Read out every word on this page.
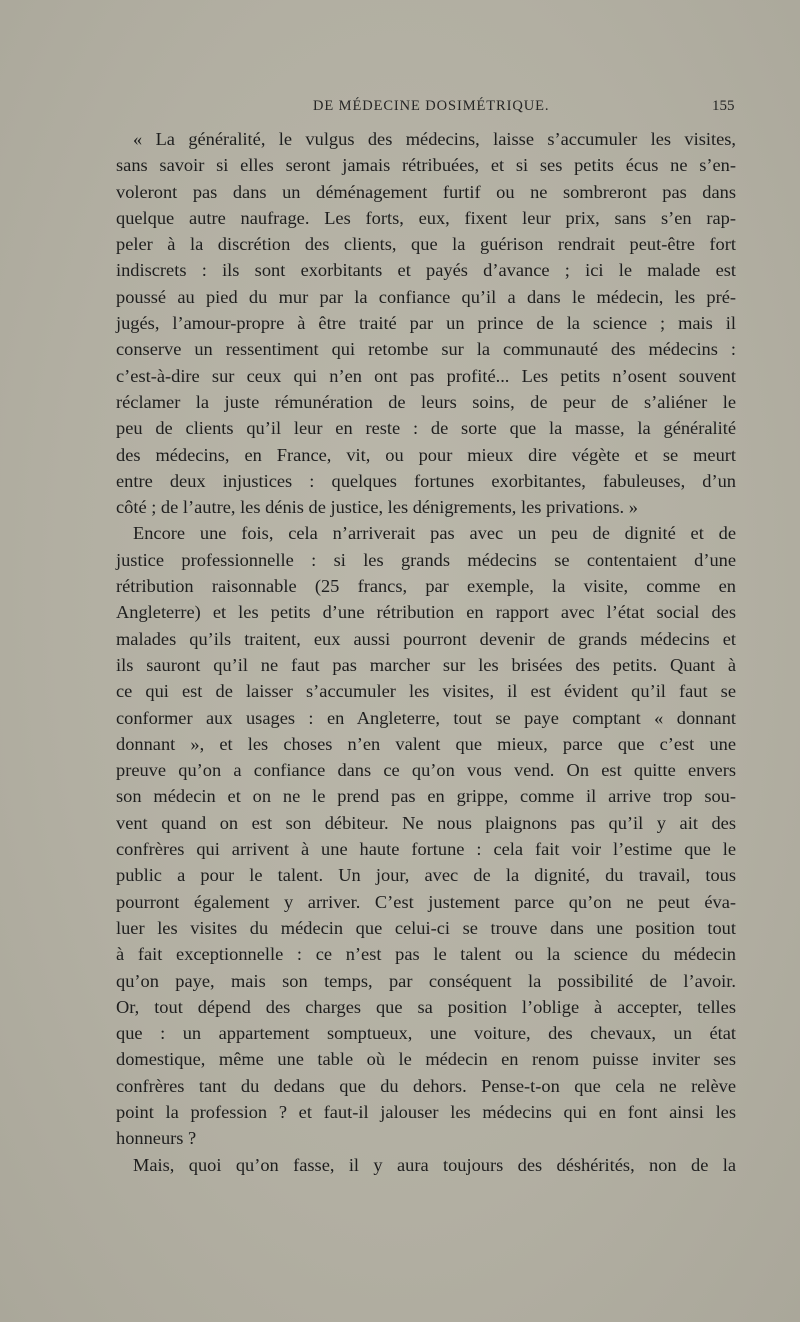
DE MÉDECINE DOSIMÉTRIQUE.	155
« La généralité, le vulgus des médecins, laisse s’accumuler les visites,
sans savoir si elles seront jamais rétribuées, et si ses petits écus ne s’en-
voleront pas dans un déménagement furtif ou ne sombreront pas dans
quelque autre naufrage. Les forts, eux, fixent leur prix, sans s’en rap-
peler à la discrétion des clients, que la guérison rendrait peut-être fort
indiscrets : ils sont exorbitants et payés d’avance ; ici le malade est
poussé au pied du mur par la confiance qu’il a dans le médecin, les pré-
jugés, l’amour-propre à être traité par un prince de la science ; mais il
conserve un ressentiment qui retombe sur la communauté des médecins :
c’est-à-dire sur ceux qui n’en ont pas profité... Les petits n’osent souvent
réclamer la juste rémunération de leurs soins, de peur de s’aliéner le
peu de clients qu’il leur en reste : de sorte que la masse, la généralité
des médecins, en France, vit, ou pour mieux dire végète et se meurt
entre deux injustices : quelques fortunes exorbitantes, fabuleuses, d’un
côté ; de l’autre, les dénis de justice, les dénigrements, les privations. »
Encore une fois, cela n’arriverait pas avec un peu de dignité et de
justice professionnelle : si les grands médecins se contentaient d’une
rétribution raisonnable (25 francs, par exemple, la visite, comme en
Angleterre) et les petits d’une rétribution en rapport avec l’état social des
malades qu’ils traitent, eux aussi pourront devenir de grands médecins et
ils sauront qu’il ne faut pas marcher sur les brisées des petits. Quant à
ce qui est de laisser s’accumuler les visites, il est évident qu’il faut se
conformer aux usages : en Angleterre, tout se paye comptant « donnant
donnant », et les choses n’en valent que mieux, parce que c’est une
preuve qu’on a confiance dans ce qu’on vous vend. On est quitte envers
son médecin et on ne le prend pas en grippe, comme il arrive trop sou-
vent quand on est son débiteur. Ne nous plaignons pas qu’il y ait des
confrères qui arrivent à une haute fortune : cela fait voir l’estime que le
public a pour le talent. Un jour, avec de la dignité, du travail, tous
pourront également y arriver. C’est justement parce qu’on ne peut éva-
luer les visites du médecin que celui-ci se trouve dans une position tout
à fait exceptionnelle : ce n’est pas le talent ou la science du médecin
qu’on paye, mais son temps, par conséquent la possibilité de l’avoir.
Or, tout dépend des charges que sa position l’oblige à accepter, telles
que : un appartement somptueux, une voiture, des chevaux, un état
domestique, même une table où le médecin en renom puisse inviter ses
confrères tant du dedans que du dehors. Pense-t-on que cela ne relève
point la profession ? et faut-il jalouser les médecins qui en font ainsi les
honneurs ?
Mais, quoi qu’on fasse, il y aura toujours des déshérités, non de la
